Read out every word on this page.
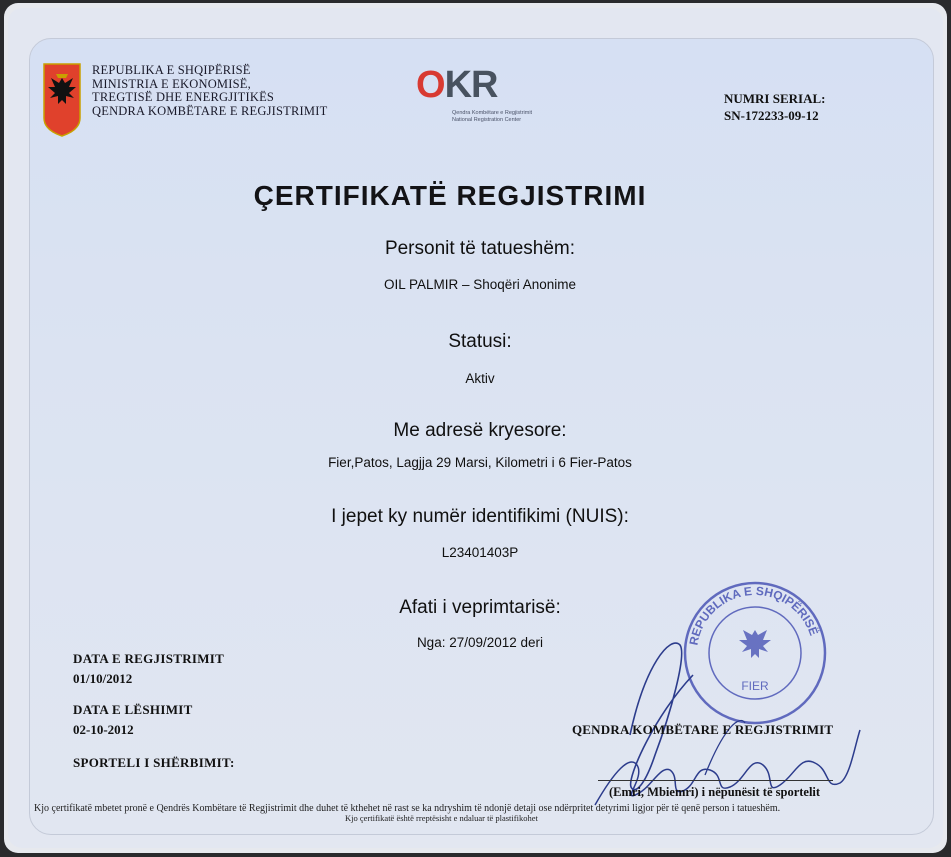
REPUBLIKA E SHQIPËRISË
MINISTRIA E EKONOMISË,
TREGTISË DHE ENERGJITIKËS
QENDRA KOMBËTARE E REGJISTRIMIT
OKR
Qendra Kombëtare e Regjistrimit
National Registration Center
NUMRI SERIAL:
SN-172233-09-12
ÇERTIFIKATË REGJISTRIMI
Personit të tatueshëm:
OIL PALMIR – Shoqëri Anonime
Statusi:
Aktiv
Me adresë kryesore:
Fier,Patos, Lagjja 29 Marsi, Kilometri i 6 Fier-Patos
I jepet ky numër identifikimi (NUIS):
L23401403P
Afati i veprimtarisë:
Nga: 27/09/2012 deri
DATA E REGJISTRIMIT
01/10/2012
DATA E LËSHIMIT
02-10-2012
SPORTELI I SHËRBIMIT:
REPUBLIKA E SHQIPËRISË
FIER
QENDRA KOMBËTARE E REGJISTRIMIT
(Emri, Mbiemri) i nëpunësit të sportelit
Kjo çertifikatë mbetet pronë e Qendrës Kombëtare të Regjistrimit dhe duhet të kthehet në rast se ka ndryshim të ndonjë detaji ose ndërpritet detyrimi ligjor për të qenë person i tatueshëm.
Kjo çertifikatë është rreptësisht e ndaluar të plastifikohet
